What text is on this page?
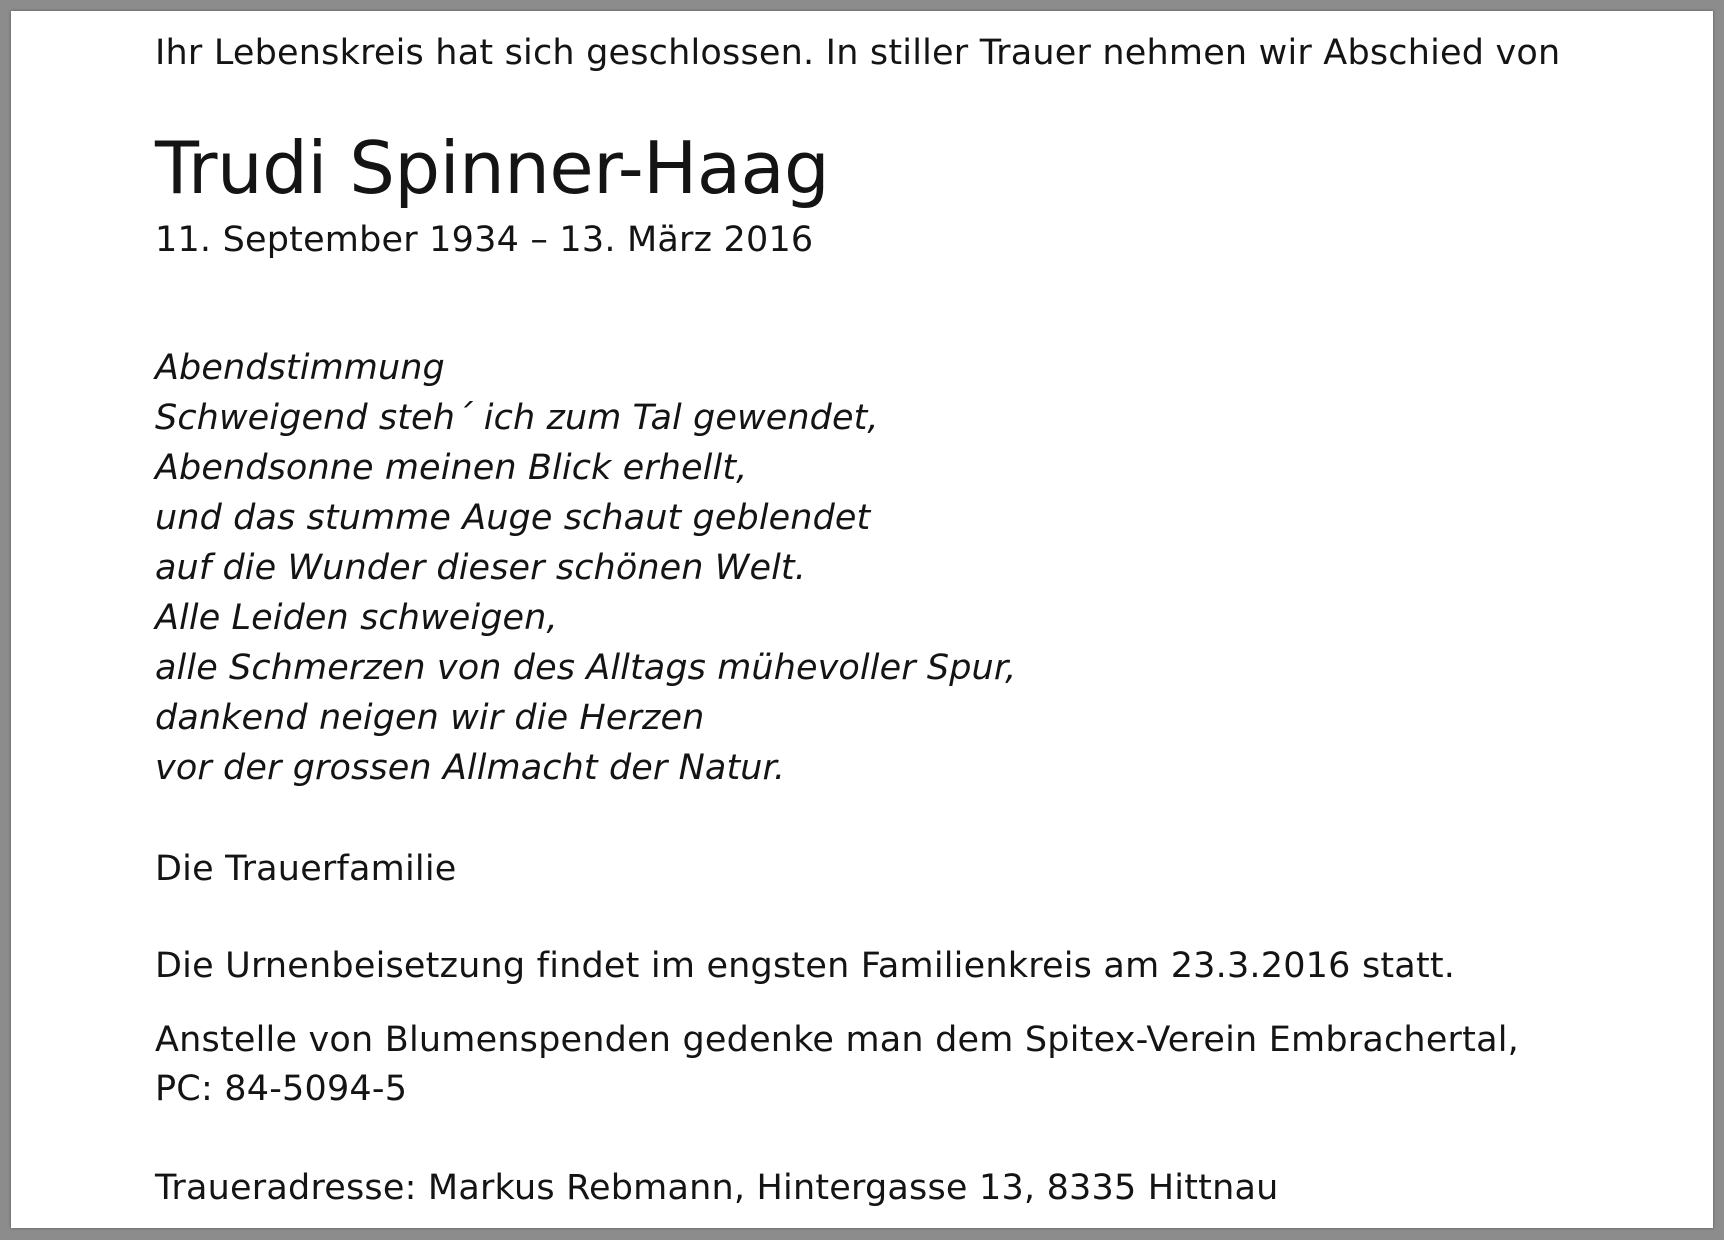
Ihr Lebenskreis hat sich geschlossen. In stiller Trauer nehmen wir Abschied von
Trudi Spinner-Haag
11. September 1934 – 13. März 2016
Abendstimmung
Schweigend steh´ ich zum Tal gewendet,
Abendsonne meinen Blick erhellt,
und das stumme Auge schaut geblendet
auf die Wunder dieser schönen Welt.
Alle Leiden schweigen,
alle Schmerzen von des Alltags mühevoller Spur,
dankend neigen wir die Herzen
vor der grossen Allmacht der Natur.
Die Trauerfamilie
Die Urnenbeisetzung findet im engsten Familienkreis am 23.3.2016 statt.
Anstelle von Blumenspenden gedenke man dem Spitex-Verein Embrachertal,
PC: 84-5094-5
Traueradresse: Markus Rebmann, Hintergasse 13, 8335 Hittnau
